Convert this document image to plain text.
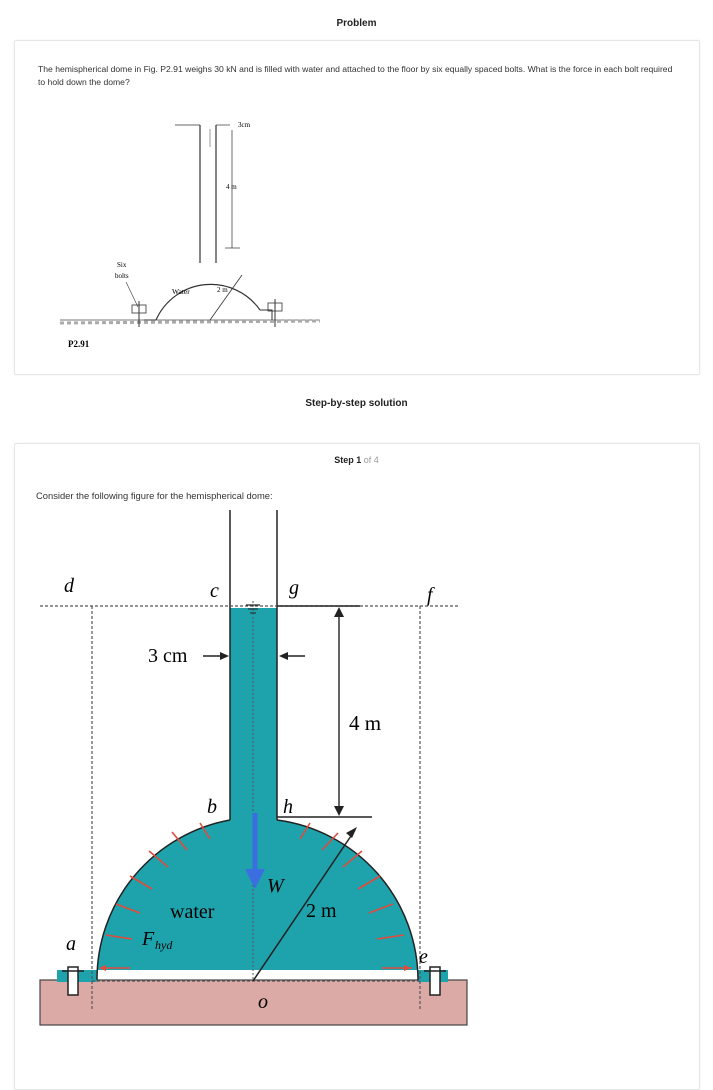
Problem
The hemispherical dome in Fig. P2.91 weighs 30 kN and is filled with water and attached to the floor by six equally spaced bolts. What is the force in each bolt required to hold down the dome?
3cm
4 m
2 m
Water
Six
bolts
P2.91
Step-by-step solution
Step 1 of 4
Consider the following figure for the hemispherical dome:
3 cm
4 m
2 m
W
water
F hyd
d	c	g	f
b	h
a
e
o
